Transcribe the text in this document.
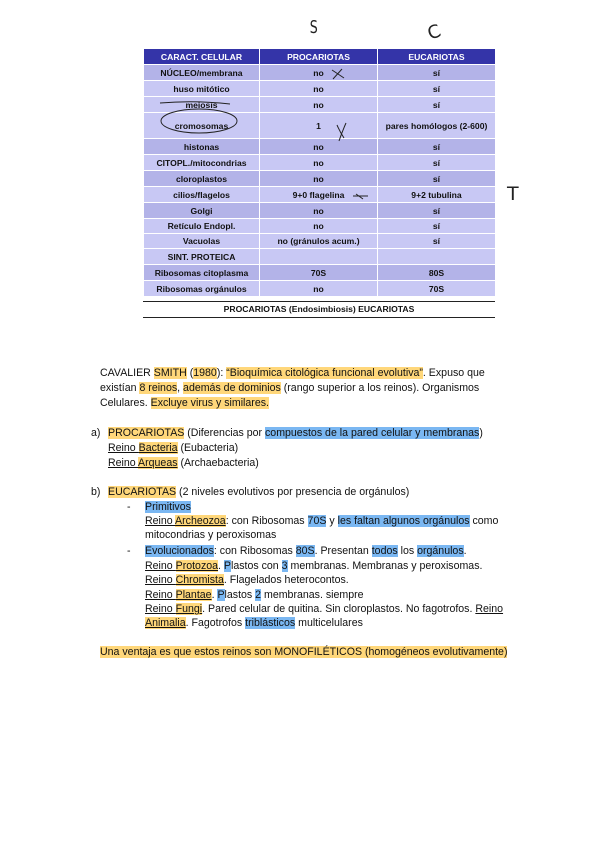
S	C
T
CARACT. CELULAR	PROCARIOTAS	EUCARIOTAS
NÚCLEO/membrana	no	sí
huso mitótico	no	sí
meiosis	no	sí
cromosomas	1	pares homólogos (2-600)
histonas	no	sí
CITOPL./mitocondrias	no	sí
cloroplastos	no	sí
cilios/flagelos	9+0 flagelina	9+2 tubulina
Golgi	no	sí
Retículo Endopl.	no	sí
Vacuolas	no (gránulos acum.)	sí
SINT. PROTEICA		
Ribosomas citoplasma	70S	80S
Ribosomas orgánulos	no	70S
PROCARIOTAS (Endosimbiosis) EUCARIOTAS
CAVALIER SMITH (1980): “Bioquímica citológica funcional evolutiva”. Expuso que existían 8 reinos, además de dominios (rango superior a los reinos). Organismos Celulares. Excluye virus y similares.
a) PROCARIOTAS (Diferencias por compuestos de la pared celular y membranas)
Reino Bacteria (Eubacteria)
Reino Arqueas (Archaebacteria)
b) EUCARIOTAS (2 niveles evolutivos por presencia de orgánulos)
- Primitivos
Reino Archeozoa: con Ribosomas 70S y les faltan algunos orgánulos como
mitocondrias y peroxisomas
- Evolucionados: con Ribosomas 80S. Presentan todos los orgánulos.
Reino Protozoa. Plastos con 3 membranas. Membranas y peroxisomas.
Reino Chromista. Flagelados heterocontos.
Reino Plantae. Plastos 2 membranas. siempre
Reino Fungi. Pared celular de quitina. Sin cloroplastos. No fagotrofos. Reino
Animalia. Fagotrofos triblásticos multicelulares
Una ventaja es que estos reinos son MONOFILÉTICOS (homogéneos evolutivamente)
